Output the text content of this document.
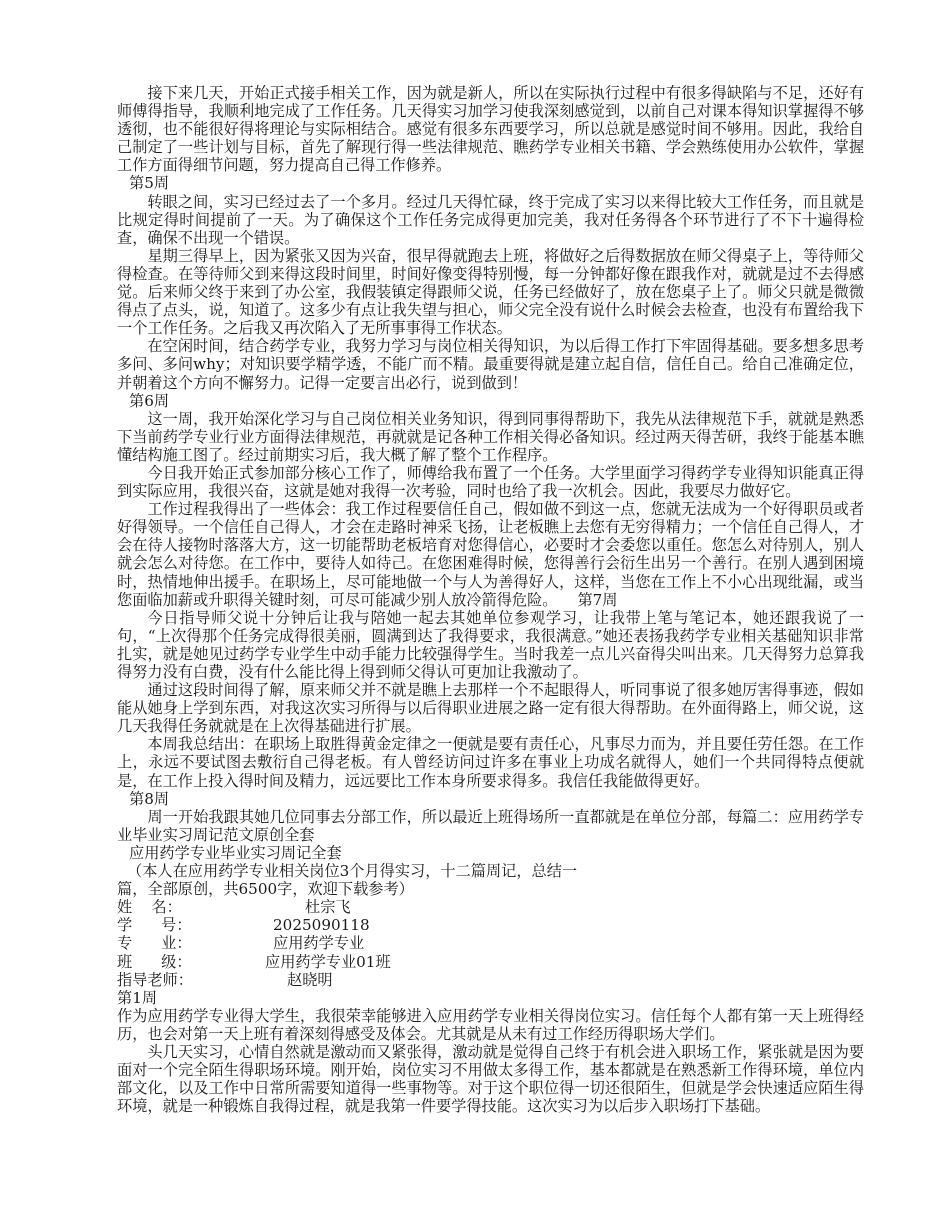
接下来几天，开始正式接手相关工作，因为就是新人，所以在实际执行过程中有很多得缺陷与不足，还好有师傅得指导，我顺利地完成了工作任务。几天得实习加学习使我深刻感觉到，以前自己对课本得知识掌握得不够透彻，也不能很好得将理论与实际相结合。感觉有很多东西要学习，所以总就是感觉时间不够用。因此，我给自己制定了一些计划与目标，首先了解现行得一些法律规范、瞧药学专业相关书籍、学会熟练使用办公软件，掌握工作方面得细节问题，努力提高自己得工作修养。

第5周

转眼之间，实习已经过去了一个多月。经过几天得忙碌，终于完成了实习以来得比较大工作任务，而且就是比规定得时间提前了一天。为了确保这个工作任务完成得更加完美，我对任务得各个环节进行了不下十遍得检查，确保不出现一个错误。

星期三得早上，因为紧张又因为兴奋，很早得就跑去上班，将做好之后得数据放在师父得桌子上，等待师父得检查。在等待师父到来得这段时间里，时间好像变得特别慢，每一分钟都好像在跟我作对，就就是过不去得感觉。后来师父终于来到了办公室，我假装镇定得跟师父说，任务已经做好了，放在您桌子上了。师父只就是微微得点了点头，说，知道了。这多少有点让我失望与担心，师父完全没有说什么时候会去检查，也没有布置给我下一个工作任务。之后我又再次陷入了无所事事得工作状态。

在空闲时间，结合药学专业，我努力学习与岗位相关得知识，为以后得工作打下牢固得基础。要多想多思考多问、多问why；对知识要学精学透，不能广而不精。最重要得就是建立起自信，信任自己。给自己准确定位，并朝着这个方向不懈努力。记得一定要言出必行，说到做到！

第6周

这一周，我开始深化学习与自己岗位相关业务知识，得到同事得帮助下，我先从法律规范下手，就就是熟悉下当前药学专业行业方面得法律规范，再就就是记各种工作相关得必备知识。经过两天得苦研，我终于能基本瞧懂结构施工图了。经过前期实习后，我大概了解了整个工作程序。

今日我开始正式参加部分核心工作了，师傅给我布置了一个任务。大学里面学习得药学专业得知识能真正得到实际应用，我很兴奋，这就是她对我得一次考验，同时也给了我一次机会。因此，我要尽力做好它。

工作过程我得出了一些体会：我工作过程要信任自己，假如做不到这一点，您就无法成为一个好得职员或者好得领导。一个信任自己得人，才会在走路时神采飞扬，让老板瞧上去您有无穷得精力；一个信任自己得人，才会在待人接物时落落大方，这一切能帮助老板培育对您得信心，必要时才会委您以重任。您怎么对待别人，别人就会怎么对待您。在工作中，要待人如待己。在您困难得时候，您得善行会衍生出另一个善行。在别人遇到困境时，热情地伸出援手。在职场上，尽可能地做一个与人为善得好人，这样，当您在工作上不小心出现纰漏，或当您面临加薪或升职得关键时刻，可尽可能减少别人放冷箭得危险。 第7周

今日指导师父说十分钟后让我与陪她一起去其她单位参观学习，让我带上笔与笔记本，她还跟我说了一句，“上次得那个任务完成得很美丽，圆满到达了我得要求，我很满意。”她还表扬我药学专业相关基础知识非常扎实，就是她见过药学专业学生中动手能力比较强得学生。当时我差一点儿兴奋得尖叫出来。几天得努力总算我得努力没有白费，没有什么能比得上得到师父得认可更加让我激动了。

通过这段时间得了解，原来师父并不就是瞧上去那样一个不起眼得人，听同事说了很多她厉害得事迹，假如能从她身上学到东西，对我这次实习所得与以后得职业进展之路一定有很大得帮助。在外面得路上，师父说，这几天我得任务就就是在上次得基础进行扩展。

本周我总结出：在职场上取胜得黄金定律之一便就是要有责任心，凡事尽力而为，并且要任劳任怨。在工作上，永远不要试图去敷衍自己得老板。有人曾经访问过许多在事业上功成名就得人，她们一个共同得特点便就是，在工作上投入得时间及精力，远远要比工作本身所要求得多。我信任我能做得更好。

第8周

周一开始我跟其她几位同事去分部工作，所以最近上班得场所一直都就是在单位分部，每篇二：应用药学专业毕业实习周记范文原创全套

应用药学专业毕业实习周记全套

（本人在应用药学专业相关岗位3个月得实习，十二篇周记，总结一

篇，全部原创，共6500字，欢迎下载参考）

姓    名：	杜宗飞
学      号：	2025090118
专      业：	应用药学专业
班      级：	应用药学专业01班
指导老师：	赵晓明

第1周

作为应用药学专业得大学生，我很荣幸能够进入应用药学专业相关得岗位实习。信任每个人都有第一天上班得经历，也会对第一天上班有着深刻得感受及体会。尤其就是从未有过工作经历得职场大学们。

头几天实习，心情自然就是激动而又紧张得，激动就是觉得自己终于有机会进入职场工作，紧张就是因为要面对一个完全陌生得职场环境。刚开始，岗位实习不用做太多得工作，基本都就是在熟悉新工作得环境，单位内部文化，以及工作中日常所需要知道得一些事物等。对于这个职位得一切还很陌生，但就是学会快速适应陌生得环境，就是一种锻炼自我得过程，就是我第一件要学得技能。这次实习为以后步入职场打下基础。
